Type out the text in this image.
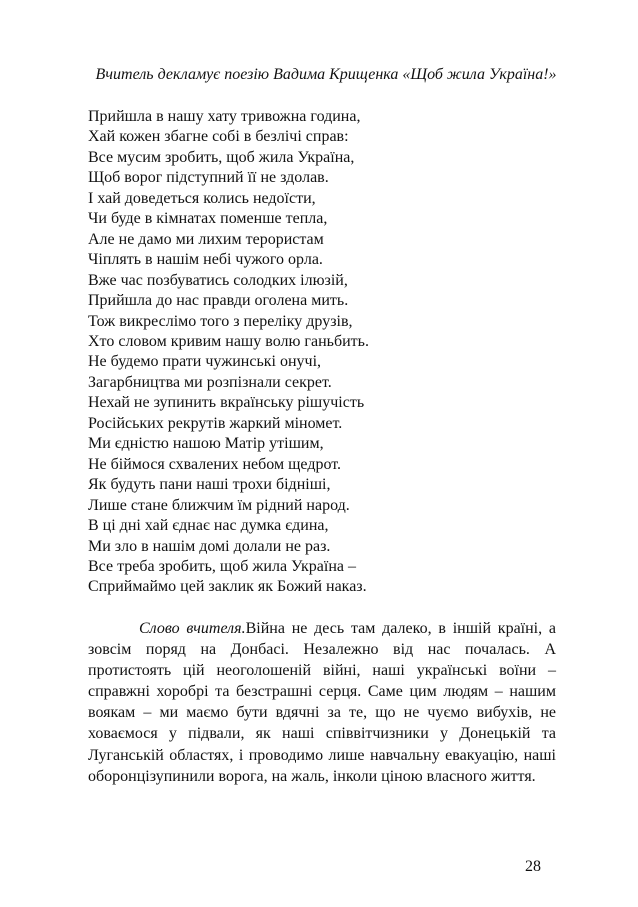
Вчитель декламує поезію Вадима Крищенка «Щоб жила Україна!»
Прийшла в нашу хату тривожна година,
Хай кожен збагне собі в безлічі справ:
Все мусим зробить, щоб жила Україна,
Щоб ворог підступний її не здолав.
І хай доведеться колись недоїсти,
Чи буде в кімнатах поменше тепла,
Але не дамо ми лихим терористам
Чіплять в нашім небі чужого орла.
Вже час позбуватись солодких ілюзій,
Прийшла до нас правди оголена мить.
Тож викреслімо того з переліку друзів,
Хто словом кривим нашу волю ганьбить.
Не будемо прати чужинські онучі,
Загарбництва ми розпізнали секрет.
Нехай не зупинить вкраїнську рішучість
Російських рекрутів жаркий міномет.
Ми єдністю нашою Матір утішим,
Не біймося схвалених небом щедрот.
Як будуть пани наші трохи бідніші,
Лише стане ближчим їм рідний народ.
В ці дні хай єднає нас думка єдина,
Ми зло в нашім домі долали не раз.
Все треба зробить, щоб жила Україна –
Сприймаймо цей заклик як Божий наказ.

Слово вчителя.Війна не десь там далеко, в іншій країні, а зовсім поряд на Донбасі. Незалежно від нас почалась. А протистоять цій неоголошеній війні, наші українські воїни – справжні хоробрі та безстрашні серця. Саме цим людям – нашим воякам – ми маємо бути вдячні за те, що не чуємо вибухів, не ховаємося у підвали, як наші співвітчизники у Донецькій та Луганській областях, і проводимо лише навчальну евакуацію, наші оборонцізупинили ворога, на жаль, інколи ціною власного життя.

28
